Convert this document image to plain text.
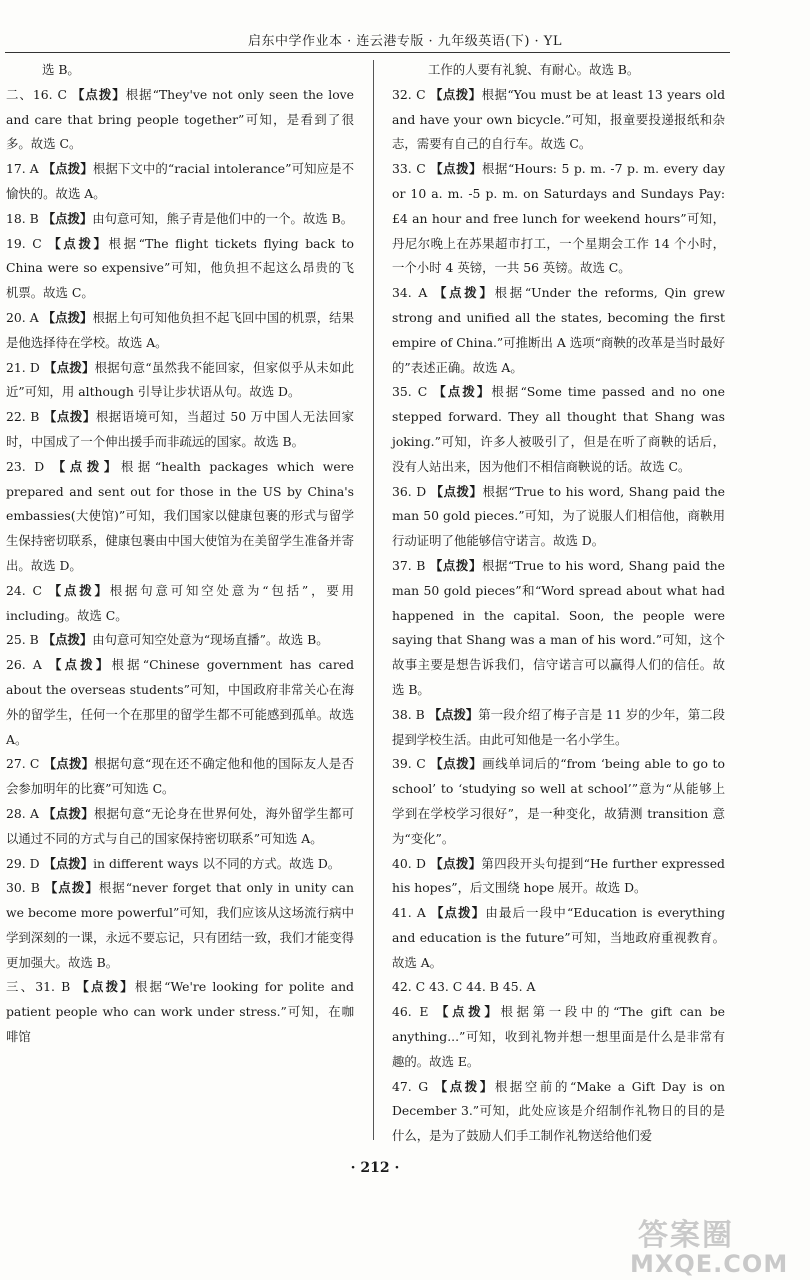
启东中学作业本 · 连云港专版 · 九年级英语(下) · YL

选 B。

二、16. C 【点拨】根据“They've not only seen the love and care that bring people together”可知，是看到了很多。故选 C。

17. A 【点拨】根据下文中的“racial intolerance”可知应是不愉快的。故选 A。

18. B 【点拨】由句意可知，熊子青是他们中的一个。故选 B。

19. C 【点拨】根据“The flight tickets flying back to China were so expensive”可知，他负担不起这么昂贵的飞机票。故选 C。

20. A 【点拨】根据上句可知他负担不起飞回中国的机票，结果是他选择待在学校。故选 A。

21. D 【点拨】根据句意“虽然我不能回家，但家似乎从未如此近”可知，用 although 引导让步状语从句。故选 D。

22. B 【点拨】根据语境可知，当超过 50 万中国人无法回家时，中国成了一个伸出援手而非疏远的国家。故选 B。

23. D 【点拨】根据“health packages which were prepared and sent out for those in the US by China's embassies(大使馆)”可知，我们国家以健康包裹的形式与留学生保持密切联系，健康包裹由中国大使馆为在美留学生准备并寄出。故选 D。

24. C 【点拨】根据句意可知空处意为“包括”，要用 including。故选 C。

25. B 【点拨】由句意可知空处意为“现场直播”。故选 B。

26. A 【点拨】根据“Chinese government has cared about the overseas students”可知，中国政府非常关心在海外的留学生，任何一个在那里的留学生都不可能感到孤单。故选 A。

27. C 【点拨】根据句意“现在还不确定他和他的国际友人是否会参加明年的比赛”可知选 C。

28. A 【点拨】根据句意“无论身在世界何处，海外留学生都可以通过不同的方式与自己的国家保持密切联系”可知选 A。

29. D 【点拨】in different ways 以不同的方式。故选 D。

30. B 【点拨】根据“never forget that only in unity can we become more powerful”可知，我们应该从这场流行病中学到深刻的一课，永远不要忘记，只有团结一致，我们才能变得更加强大。故选 B。

三、31. B 【点拨】根据“We're looking for polite and patient people who can work under stress.”可知，在咖啡馆

工作的人要有礼貌、有耐心。故选 B。

32. C 【点拨】根据“You must be at least 13 years old and have your own bicycle.”可知，报童要投递报纸和杂志，需要有自己的自行车。故选 C。

33. C 【点拨】根据“Hours: 5 p. m. -7 p. m. every day or 10 a. m. -5 p. m. on Saturdays and Sundays Pay: £4 an hour and free lunch for weekend hours”可知，丹尼尔晚上在苏果超市打工，一个星期会工作 14 个小时，一个小时 4 英镑，一共 56 英镑。故选 C。

34. A 【点拨】根据“Under the reforms, Qin grew strong and unified all the states, becoming the first empire of China.”可推断出 A 选项“商鞅的改革是当时最好的”表述正确。故选 A。

35. C 【点拨】根据“Some time passed and no one stepped forward. They all thought that Shang was joking.”可知，许多人被吸引了，但是在听了商鞅的话后，没有人站出来，因为他们不相信商鞅说的话。故选 C。

36. D 【点拨】根据“True to his word, Shang paid the man 50 gold pieces.”可知，为了说服人们相信他，商鞅用行动证明了他能够信守诺言。故选 D。

37. B 【点拨】根据“True to his word, Shang paid the man 50 gold pieces”和“Word spread about what had happened in the capital. Soon, the people were saying that Shang was a man of his word.”可知，这个故事主要是想告诉我们，信守诺言可以赢得人们的信任。故选 B。

38. B 【点拨】第一段介绍了梅子言是 11 岁的少年，第二段提到学校生活。由此可知他是一名小学生。

39. C 【点拨】画线单词后的“from ‘being able to go to school’ to ‘studying so well at school’”意为“从能够上学到在学校学习很好”，是一种变化，故猜测 transition 意为“变化”。

40. D 【点拨】第四段开头句提到“He further expressed his hopes”，后文围绕 hope 展开。故选 D。

41. A 【点拨】由最后一段中“Education is everything and education is the future”可知，当地政府重视教育。故选 A。

42. C 43. C 44. B 45. A

46. E 【点拨】根据第一段中的“The gift can be anything...”可知，收到礼物并想一想里面是什么是非常有趣的。故选 E。

47. G 【点拨】根据空前的“Make a Gift Day is on December 3.”可知，此处应该是介绍制作礼物日的目的是什么，是为了鼓励人们手工制作礼物送给他们爱

· 212 ·
答案圈
MXQE.COM
